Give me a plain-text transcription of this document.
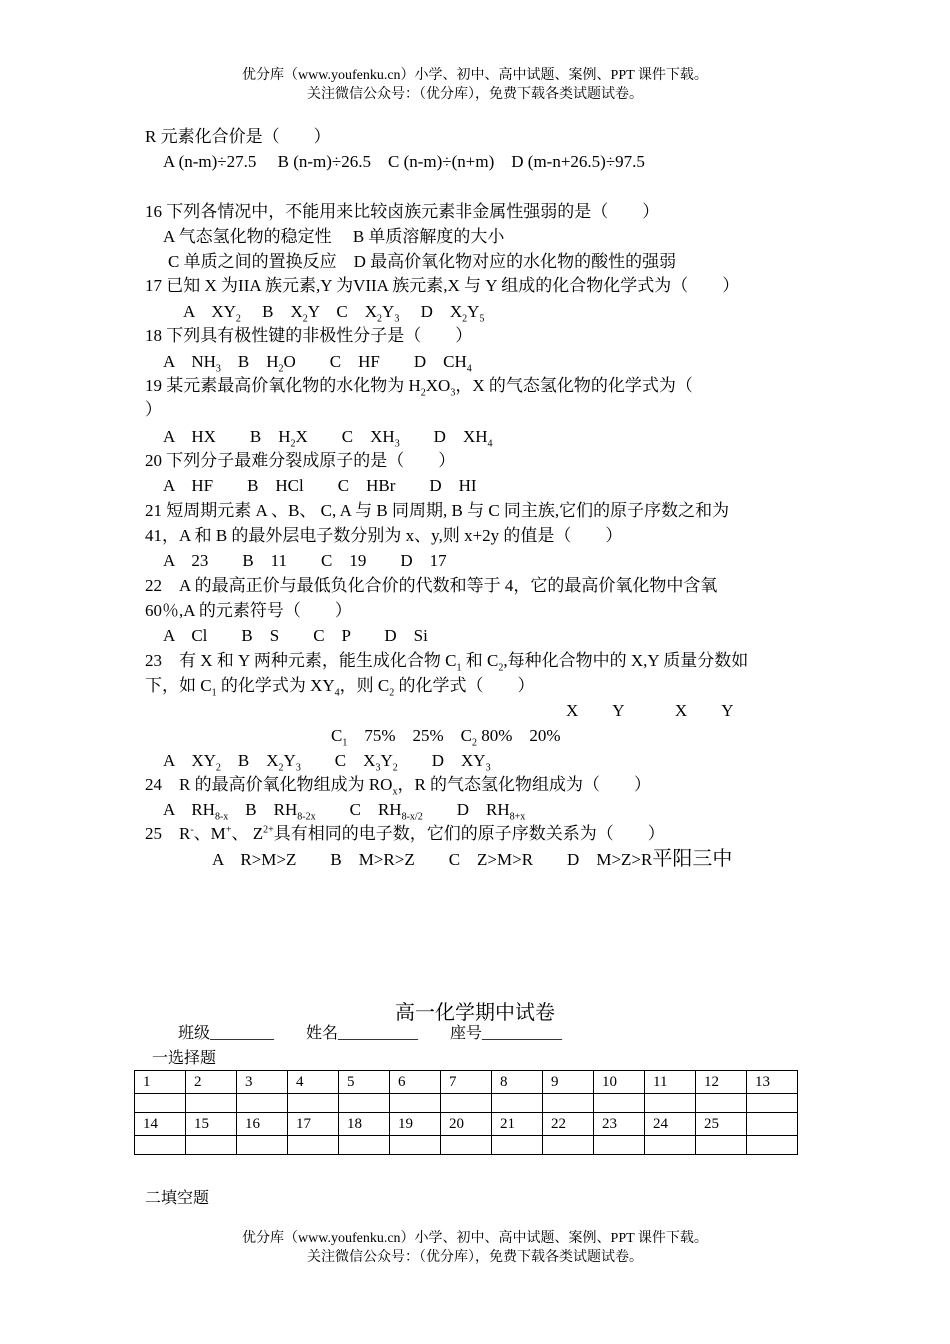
优分库（www.youfenku.cn）小学、初中、高中试题、案例、PPT 课件下载。
关注微信公众号：（优分库），免费下载各类试题试卷。
R 元素化合价是（　　）
A (n-m)÷27.5　 B (n-m)÷26.5　C (n-m)÷(n+m)　D (m-n+26.5)÷97.5
16 下列各情况中，不能用来比较卤族元素非金属性强弱的是（　　）
A 气态氢化物的稳定性　 B 单质溶解度的大小
C 单质之间的置换反应　D 最高价氧化物对应的水化物的酸性的强弱
17 已知 X 为IIA 族元素,Y 为VIIA 族元素,X 与 Y 组成的化合物化学式为（　　）
A　$XY_2$　 B　$X_2Y$　C　$X_2Y_3$　 D　$X_2Y_5$
18 下列具有极性键的非极性分子是（　　）
A　$NH_3$　B　$H_2O$　　C　HF　　D　$CH_4$
19 某元素最高价氧化物的水化物为 $H_2XO_3$，X 的气态氢化物的化学式为（
）
A　HX　　B　$H_2X$　　C　$XH_3$　　D　$XH_4$
20 下列分子最难分裂成原子的是（　　）
A　HF　　B　HCl　　C　HBr　　D　HI
21 短周期元素 A 、B、 C, A 与 B 同周期, B 与 C 同主族,它们的原子序数之和为
41，A 和 B 的最外层电子数分别为 x、y,则 x+2y 的值是（　　）
A　23　　B　11　　C　19　　D　17
22　A 的最高正价与最低负化合价的代数和等于 4，它的最高价氧化物中含氧
60％,A 的元素符号（　　）
A　Cl　　B　S　　C　P　　D　Si
23　有 X 和 Y 两种元素，能生成化合物 $C_1$ 和 $C_2$,每种化合物中的 X,Y 质量分数如
下，如 $C_1$ 的化学式为 $XY_4$，则 $C_2$ 的化学式（　　）
X　　Y　　　X　　Y
$C_1$　75%　25%　$C_2$ 80%　20%
A　$XY_2$　B　$X_2Y_3$　　C　$X_3Y_2$　　D　$XY_3$
24　R 的最高价氧化物组成为 $RO_x$，R 的气态氢化物组成为（　　）
A　$RH_{8-x}$　B　$RH_{8-2x}$　　C　$RH_{8-x/2}$　　D　$RH_{8+x}$
25　R-、M+、 $Z^{2+}$具有相同的电子数，它们的原子序数关系为（　　）
A　R>M>Z　　B　M>R>Z　　C　Z>M>R　　D　M>Z>R平阳三中
高一化学期中试卷
班级________　　姓名__________　　座号__________
一选择题
1	2	3	4	5	6	7	8	9	10	11	12	13

14	15	16	17	18	19	20	21	22	23	24	25	

二填空题
优分库（www.youfenku.cn）小学、初中、高中试题、案例、PPT 课件下载。
关注微信公众号：（优分库），免费下载各类试题试卷。
